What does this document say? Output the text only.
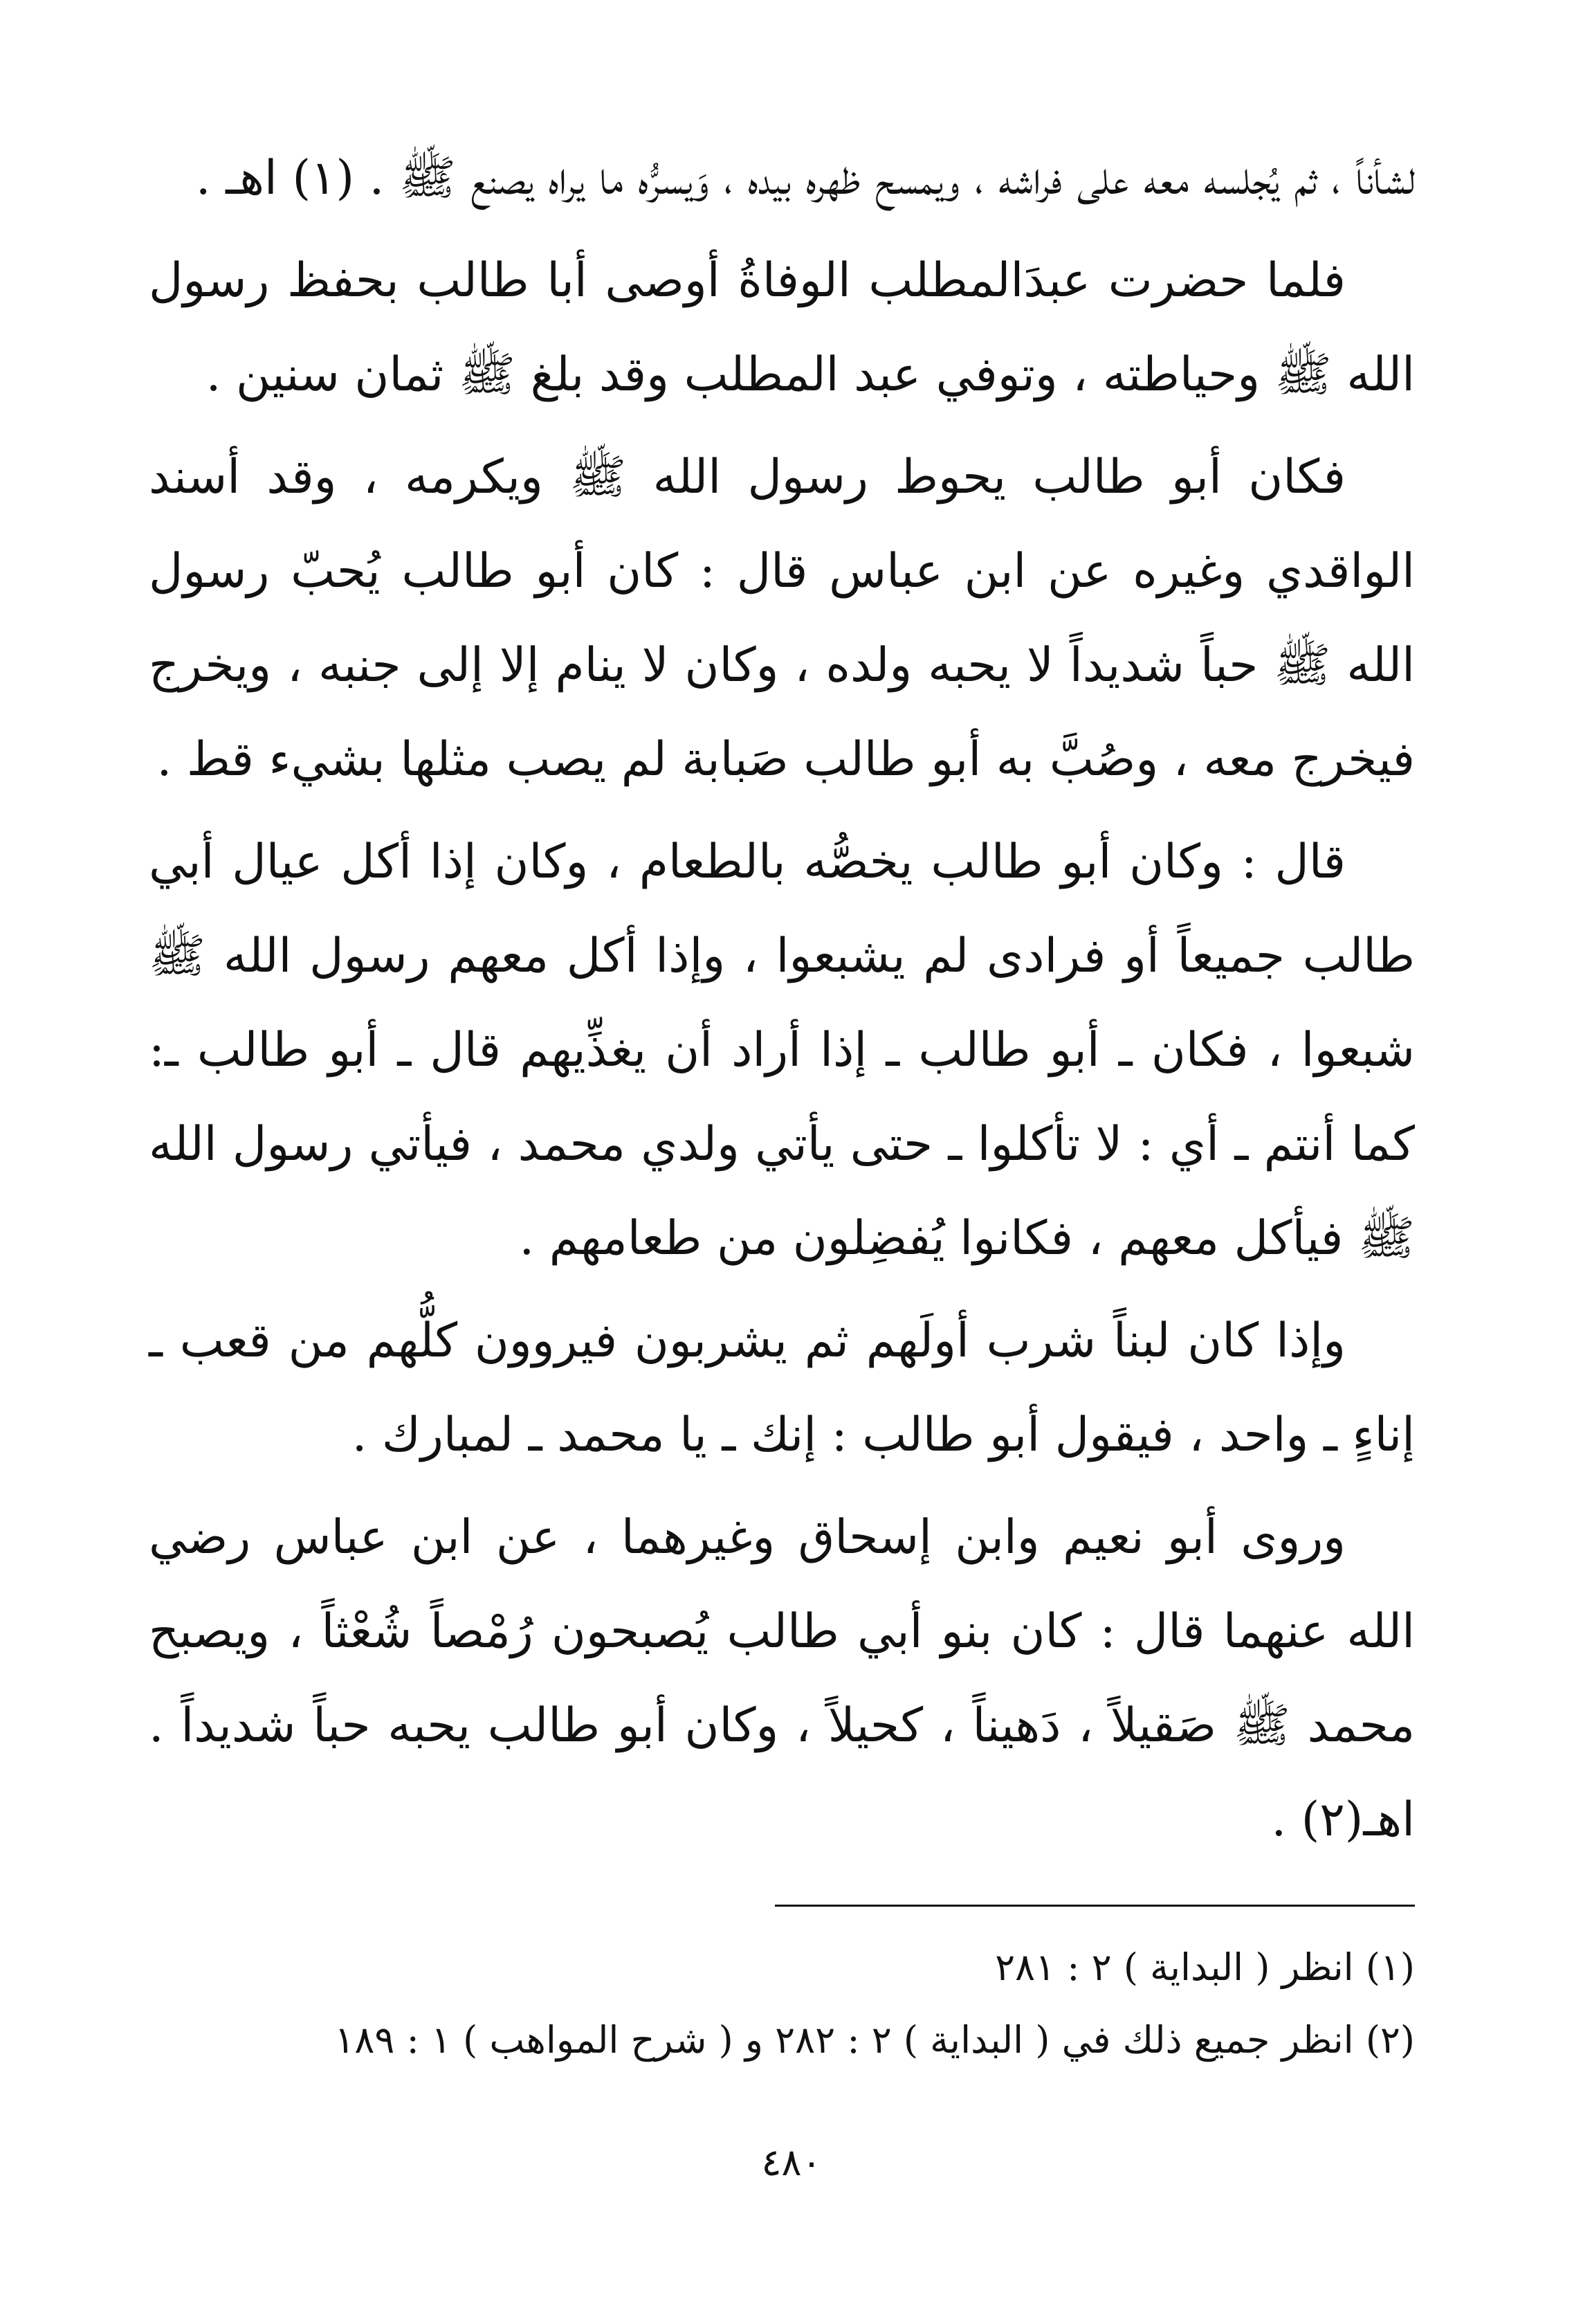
لشأناً ، ثم يُجلسه معه على فراشه ، ويمسح ظهره بيده ، وَيسرُّه ما يراه يصنع ﷺ . (١) اهـ .

فلما حضرت عبدَالمطلب الوفاةُ أوصى أبا طالب بحفظ رسول الله ﷺ وحياطته ، وتوفي عبد المطلب وقد بلغ ﷺ ثمان سنين .

فكان أبو طالب يحوط رسول الله ﷺ ويكرمه ، وقد أسند الواقدي وغيره عن ابن عباس قال : كان أبو طالب يُحبّ رسول الله ﷺ حباً شديداً لا يحبه ولده ، وكان لا ينام إلا إلى جنبه ، ويخرج فيخرج معه ، وصُبَّ به أبو طالب صَبابة لم يصب مثلها بشيء قط .

قال : وكان أبو طالب يخصُّه بالطعام ، وكان إذا أكل عيال أبي طالب جميعاً أو فرادى لم يشبعوا ، وإذا أكل معهم رسول الله ﷺ شبعوا ، فكان ـ أبو طالب ـ إذا أراد أن يغذِّيهم قال ـ أبو طالب ـ: كما أنتم ـ أي : لا تأكلوا ـ حتى يأتي ولدي محمد ، فيأتي رسول الله ﷺ فيأكل معهم ، فكانوا يُفضِلون من طعامهم .

وإذا كان لبناً شرب أولَهم ثم يشربون فيروون كلُّهم من قعب ـ إناءٍ ـ واحد ، فيقول أبو طالب : إنك ـ يا محمد ـ لمبارك .

وروى أبو نعيم وابن إسحاق وغيرهما ، عن ابن عباس رضي الله عنهما قال : كان بنو أبي طالب يُصبحون رُمْصاً شُعْثاً ، ويصبح محمد ﷺ صَقيلاً ، دَهيناً ، كحيلاً ، وكان أبو طالب يحبه حباً شديداً . اهـ(٢) .

(١) انظر ( البداية ) ٢ : ٢٨١
(٢) انظر جميع ذلك في ( البداية ) ٢ : ٢٨٢ و ( شرح المواهب ) ١ : ١٨٩
٤٨٠
